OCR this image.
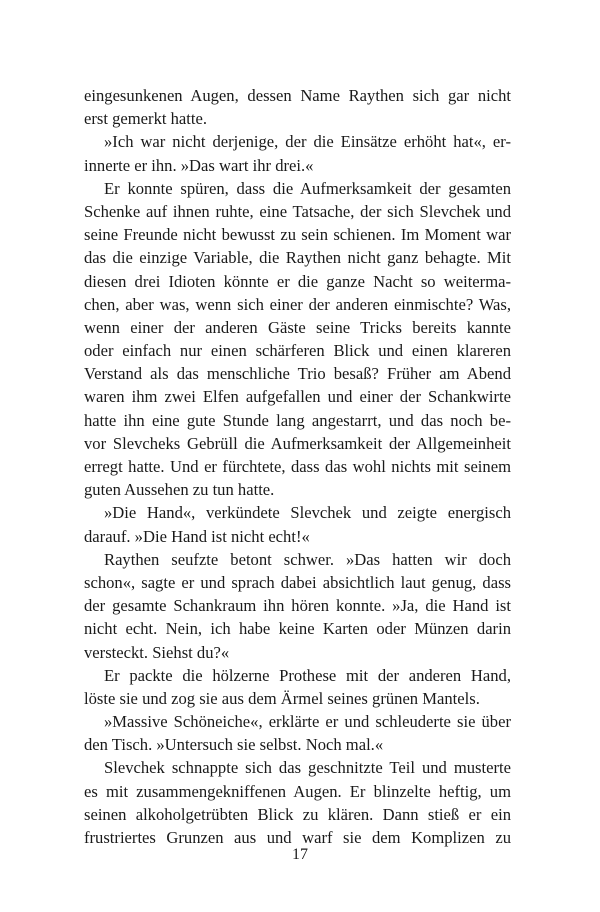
eingesunkenen Augen, dessen Name Raythen sich gar nicht
erst gemerkt hatte.
»Ich war nicht derjenige, der die Einsätze erhöht hat«, er-
innerte er ihn. »Das wart ihr drei.«
Er konnte spüren, dass die Aufmerksamkeit der gesamten
Schenke auf ihnen ruhte, eine Tatsache, der sich Slevchek und
seine Freunde nicht bewusst zu sein schienen. Im Moment war
das die einzige Variable, die Raythen nicht ganz behagte. Mit
diesen drei Idioten könnte er die ganze Nacht so weiterma-
chen, aber was, wenn sich einer der anderen einmischte? Was,
wenn einer der anderen Gäste seine Tricks bereits kannte
oder einfach nur einen schärferen Blick und einen klareren
Verstand als das menschliche Trio besaß? Früher am Abend
waren ihm zwei Elfen aufgefallen und einer der Schankwirte
hatte ihn eine gute Stunde lang angestarrt, und das noch be-
vor Slevcheks Gebrüll die Aufmerksamkeit der Allgemeinheit
erregt hatte. Und er fürchtete, dass das wohl nichts mit seinem
guten Aussehen zu tun hatte.
»Die Hand«, verkündete Slevchek und zeigte energisch
darauf. »Die Hand ist nicht echt!«
Raythen seufzte betont schwer. »Das hatten wir doch
schon«, sagte er und sprach dabei absichtlich laut genug, dass
der gesamte Schankraum ihn hören konnte. »Ja, die Hand ist
nicht echt. Nein, ich habe keine Karten oder Münzen darin
versteckt. Siehst du?«
Er packte die hölzerne Prothese mit der anderen Hand,
löste sie und zog sie aus dem Ärmel seines grünen Mantels.
»Massive Schöneiche«, erklärte er und schleuderte sie über
den Tisch. »Untersuch sie selbst. Noch mal.«
Slevchek schnappte sich das geschnitzte Teil und musterte
es mit zusammengekniffenen Augen. Er blinzelte heftig, um
seinen alkoholgetrübten Blick zu klären. Dann stieß er ein
frustriertes Grunzen aus und warf sie dem Komplizen zu
17
